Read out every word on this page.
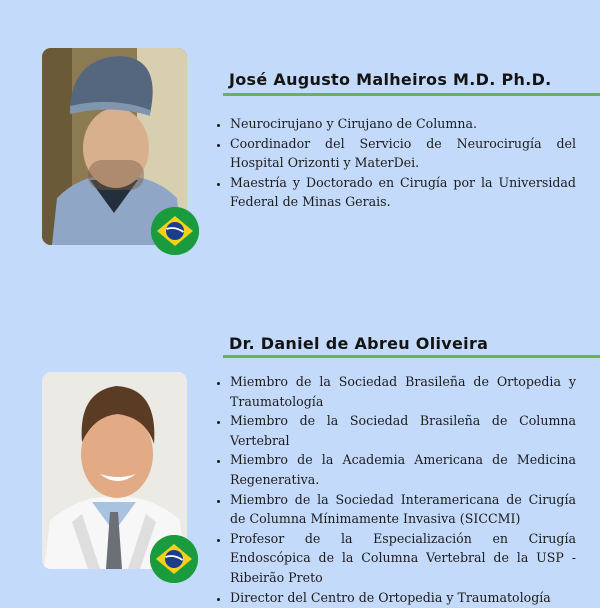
José Augusto Malheiros M.D. Ph.D.
• Neurocirujano y Cirujano de Columna.
• Coordinador del Servicio de Neurocirugía del Hospital Orizonti y MaterDei.
• Maestría y Doctorado en Cirugía por la Universidad Federal de Minas Gerais.
Dr. Daniel de Abreu Oliveira
• Miembro de la Sociedad Brasileña de Ortopedia y Traumatología
• Miembro de la Sociedad Brasileña de Columna Vertebral
• Miembro de la Academia Americana de Medicina Regenerativa.
• Miembro de la Sociedad Interamericana de Cirugía de Columna Mínimamente Invasiva (SICCMI)
• Profesor de la Especialización en Cirugía Endoscópica de la Columna Vertebral de la USP - Ribeirão Preto
• Director del Centro de Ortopedia y Traumatología
